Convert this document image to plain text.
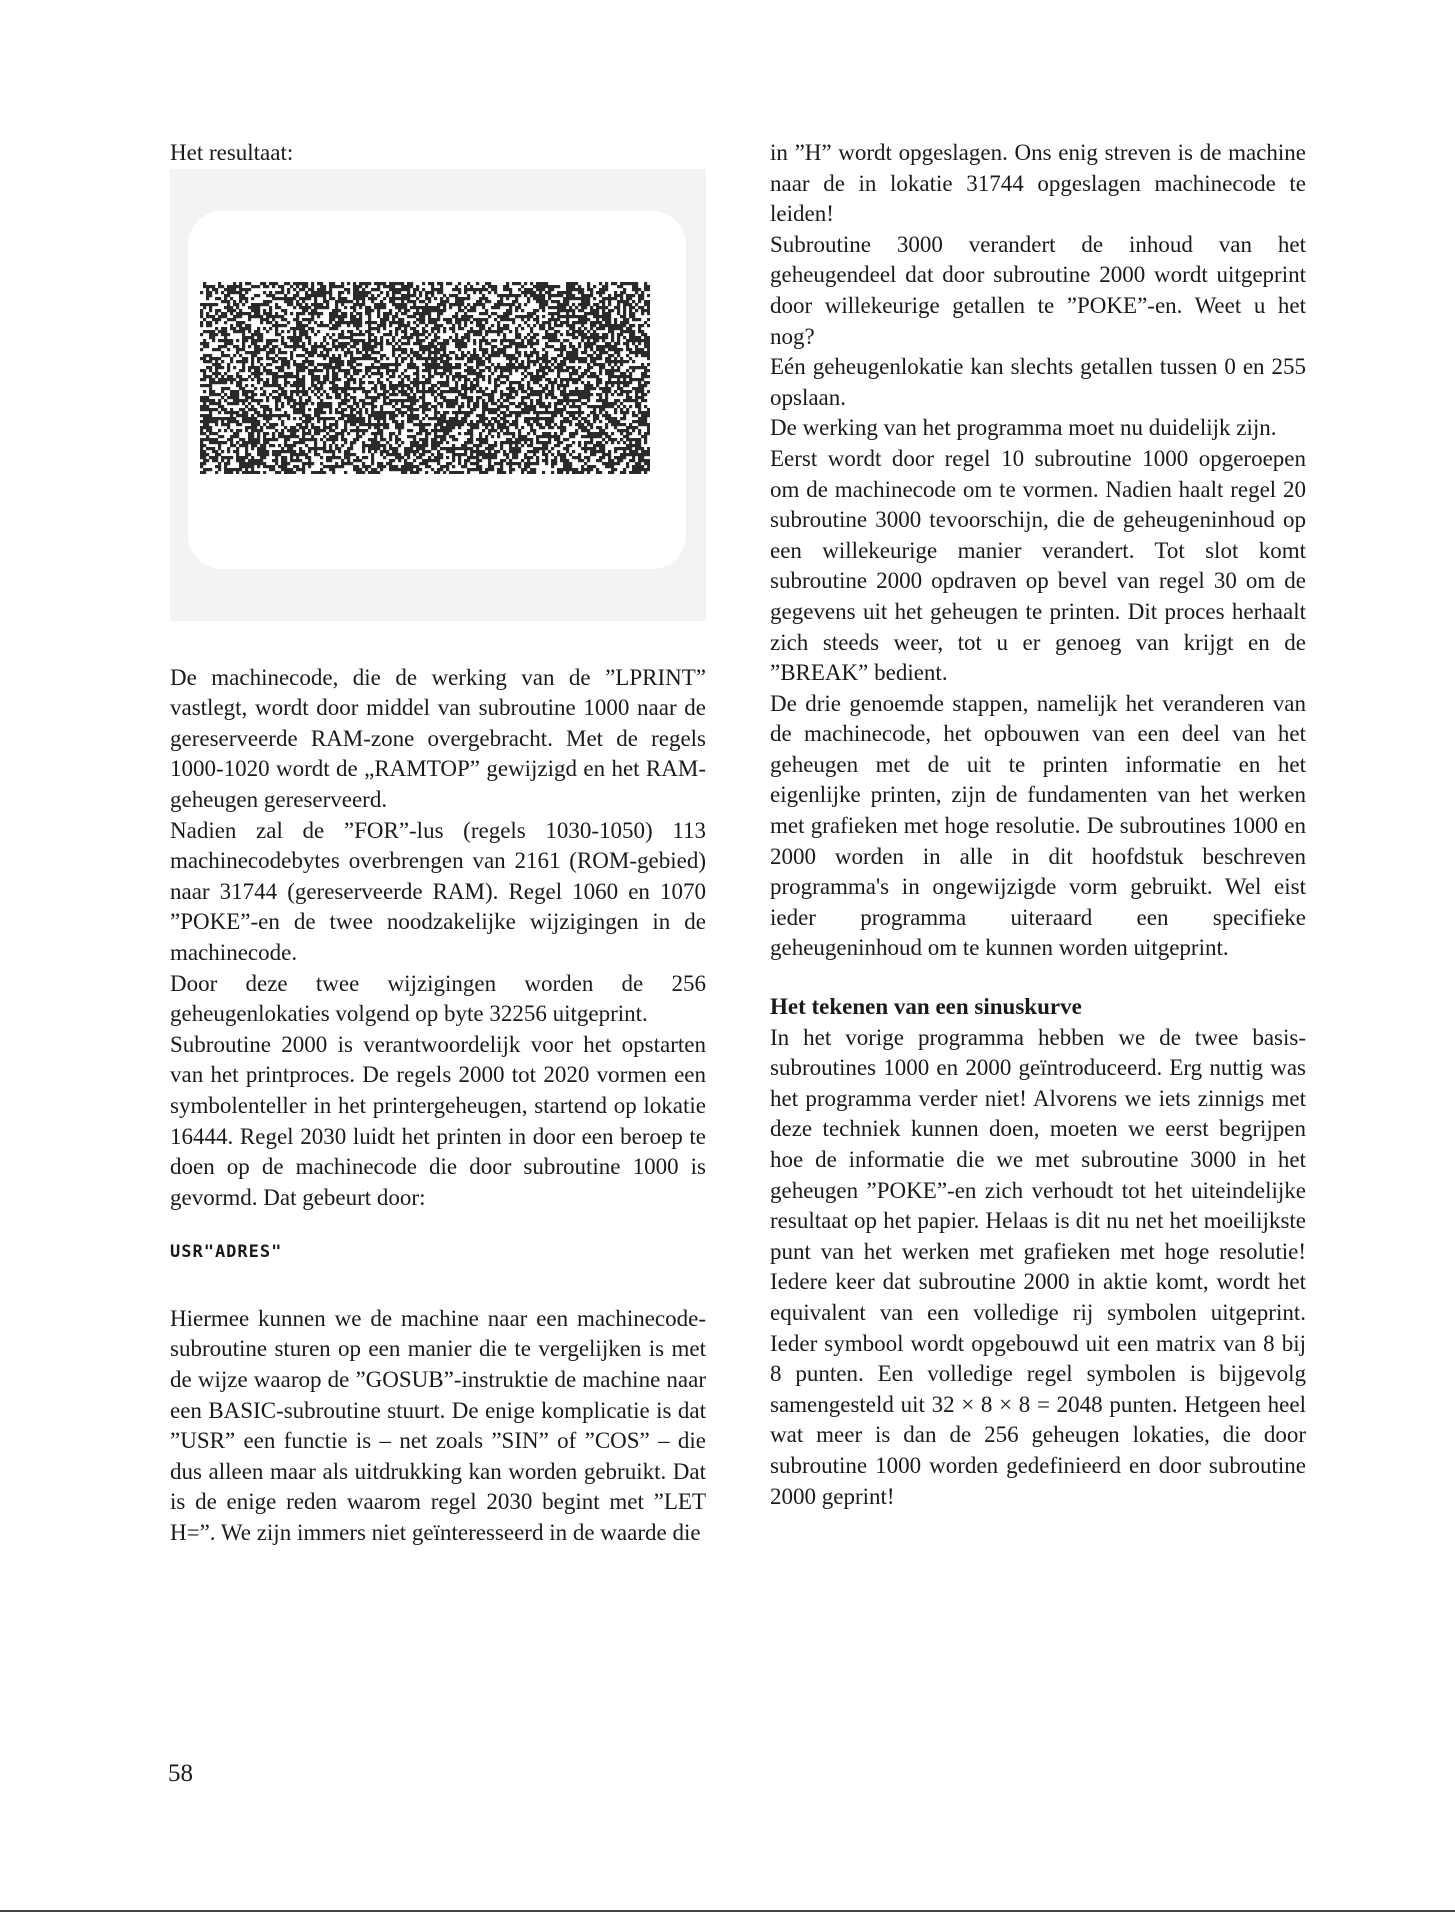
Het resultaat:

De machinecode, die de werking van de ”LPRINT” vastlegt, wordt door middel van subroutine 1000 naar de gereserveerde RAM-zone overgebracht. Met de regels 1000-1020 wordt de „RAMTOP” gewijzigd en het RAM-geheugen gereserveerd.

Nadien zal de ”FOR”-lus (regels 1030-1050) 113 machinecodebytes overbrengen van 2161 (ROM-gebied) naar 31744 (gereserveerde RAM). Regel 1060 en 1070 ”POKE”-en de twee noodzakelijke wijzigingen in de machinecode.

Door deze twee wijzigingen worden de 256 geheugenlokaties volgend op byte 32256 uitgeprint.

Subroutine 2000 is verantwoordelijk voor het opstarten van het printproces. De regels 2000 tot 2020 vormen een symbolenteller in het printergeheugen, startend op lokatie 16444. Regel 2030 luidt het printen in door een beroep te doen op de machinecode die door subroutine 1000 is gevormd. Dat gebeurt door:

USR"ADRES"

Hiermee kunnen we de machine naar een machinecode-subroutine sturen op een manier die te vergelijken is met de wijze waarop de ”GOSUB”-instruktie de machine naar een BASIC-subroutine stuurt. De enige komplicatie is dat ”USR” een functie is – net zoals ”SIN” of ”COS” – die dus alleen maar als uitdrukking kan worden gebruikt. Dat is de enige reden waarom regel 2030 begint met ”LET H=”. We zijn immers niet geïnteresseerd in de waarde die

in ”H” wordt opgeslagen. Ons enig streven is de machine naar de in lokatie 31744 opgeslagen machinecode te leiden!

Subroutine 3000 verandert de inhoud van het geheugendeel dat door subroutine 2000 wordt uitgeprint door willekeurige getallen te ”POKE”-en. Weet u het nog?

Eén geheugenlokatie kan slechts getallen tussen 0 en 255 opslaan.

De werking van het programma moet nu duidelijk zijn.

Eerst wordt door regel 10 subroutine 1000 opgeroepen om de machinecode om te vormen. Nadien haalt regel 20 subroutine 3000 tevoorschijn, die de geheugeninhoud op een willekeurige manier verandert. Tot slot komt subroutine 2000 opdraven op bevel van regel 30 om de gegevens uit het geheugen te printen. Dit proces herhaalt zich steeds weer, tot u er genoeg van krijgt en de ”BREAK” bedient.

De drie genoemde stappen, namelijk het veranderen van de machinecode, het opbouwen van een deel van het geheugen met de uit te printen informatie en het eigenlijke printen, zijn de fundamenten van het werken met grafieken met hoge resolutie. De subroutines 1000 en 2000 worden in alle in dit hoofdstuk beschreven programma's in ongewijzigde vorm gebruikt. Wel eist ieder programma uiteraard een specifieke geheugeninhoud om te kunnen worden uitgeprint.

Het tekenen van een sinuskurve

In het vorige programma hebben we de twee basis-subroutines 1000 en 2000 geïntroduceerd. Erg nuttig was het programma verder niet! Alvorens we iets zinnigs met deze techniek kunnen doen, moeten we eerst begrijpen hoe de informatie die we met subroutine 3000 in het geheugen ”POKE”-en zich verhoudt tot het uiteindelijke resultaat op het papier. Helaas is dit nu net het moeilijkste punt van het werken met grafieken met hoge resolutie! Iedere keer dat subroutine 2000 in aktie komt, wordt het equivalent van een volledige rij symbolen uitgeprint. Ieder symbool wordt opgebouwd uit een matrix van 8 bij 8 punten. Een volledige regel symbolen is bijgevolg samengesteld uit 32 × 8 × 8 = 2048 punten. Hetgeen heel wat meer is dan de 256 geheugen lokaties, die door subroutine 1000 worden gedefinieerd en door subroutine 2000 geprint!

58
